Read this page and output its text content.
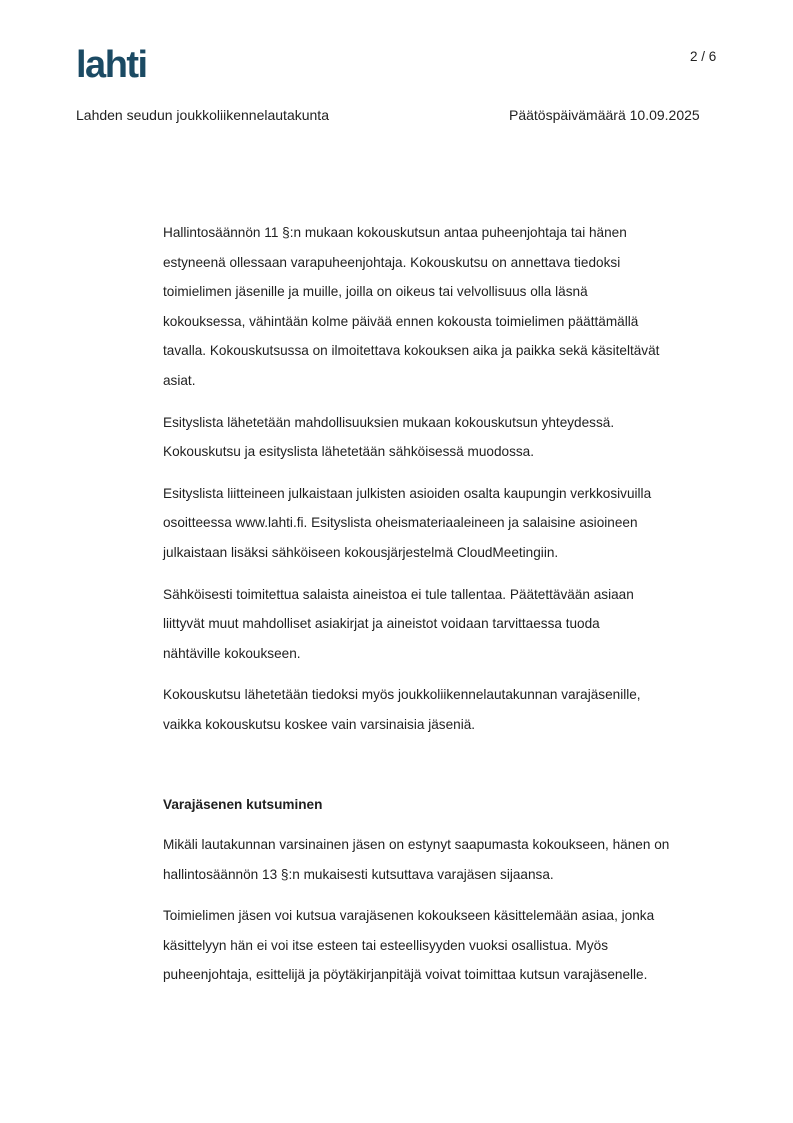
lahti	2 / 6
Lahden seudun joukkoliikennelautakunta	Päätöspäivämäärä 10.09.2025

Hallintosäännön 11 §:n mukaan kokouskutsun antaa puheenjohtaja tai hänen
estyneenä ollessaan varapuheenjohtaja. Kokouskutsu on annettava tiedoksi
toimielimen jäsenille ja muille, joilla on oikeus tai velvollisuus olla läsnä
kokouksessa, vähintään kolme päivää ennen kokousta toimielimen päättämällä
tavalla. Kokouskutsussa on ilmoitettava kokouksen aika ja paikka sekä käsiteltävät
asiat.

Esityslista lähetetään mahdollisuuksien mukaan kokouskutsun yhteydessä.
Kokouskutsu ja esityslista lähetetään sähköisessä muodossa.

Esityslista liitteineen julkaistaan julkisten asioiden osalta kaupungin verkkosivuilla
osoitteessa www.lahti.fi. Esityslista oheismateriaaleineen ja salaisine asioineen
julkaistaan lisäksi sähköiseen kokousjärjestelmä CloudMeetingiin.

Sähköisesti toimitettua salaista aineistoa ei tule tallentaa. Päätettävään asiaan
liittyvät muut mahdolliset asiakirjat ja aineistot voidaan tarvittaessa tuoda
nähtäville kokoukseen.

Kokouskutsu lähetetään tiedoksi myös joukkoliikennelautakunnan varajäsenille,
vaikka kokouskutsu koskee vain varsinaisia jäseniä.

Varajäsenen kutsuminen

Mikäli lautakunnan varsinainen jäsen on estynyt saapumasta kokoukseen, hänen on
hallintosäännön 13 §:n mukaisesti kutsuttava varajäsen sijaansa.

Toimielimen jäsen voi kutsua varajäsenen kokoukseen käsittelemään asiaa, jonka
käsittelyyn hän ei voi itse esteen tai esteellisyyden vuoksi osallistua. Myös
puheenjohtaja, esittelijä ja pöytäkirjanpitäjä voivat toimittaa kutsun varajäsenelle.
